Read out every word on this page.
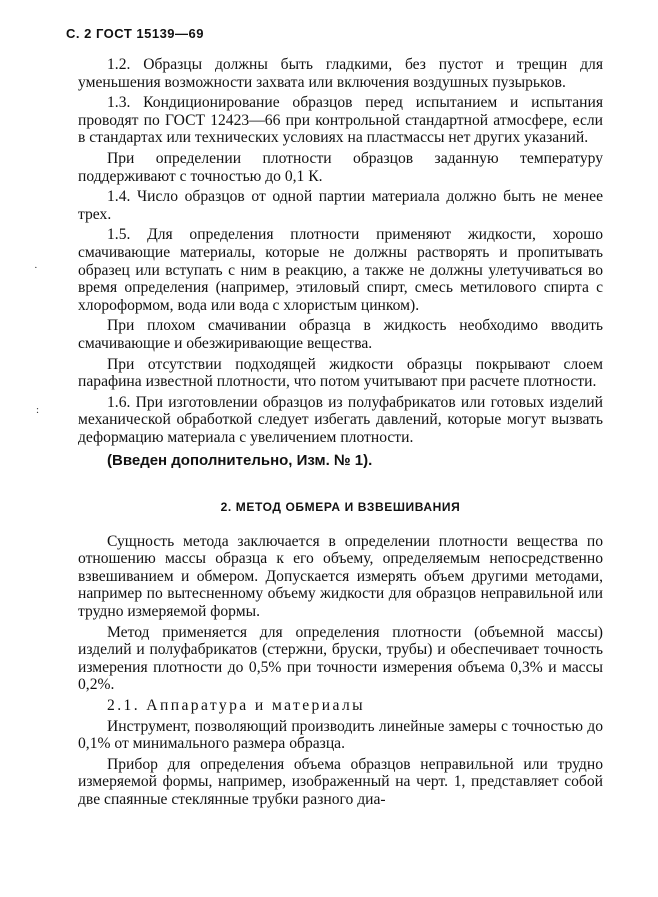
С. 2 ГОСТ 15139—69
·
:

1.2. Образцы должны быть гладкими, без пустот и трещин для уменьшения возможности захвата или включения воздушных пузырьков.

1.3. Кондиционирование образцов перед испытанием и испытания проводят по ГОСТ 12423—66 при контрольной стандартной атмосфере, если в стандартах или технических условиях на пластмассы нет других указаний.

При определении плотности образцов заданную температуру поддерживают с точностью до 0,1 К.

1.4. Число образцов от одной партии материала должно быть не менее трех.

1.5. Для определения плотности применяют жидкости, хорошо смачивающие материалы, которые не должны растворять и пропитывать образец или вступать с ним в реакцию, а также не должны улетучиваться во время определения (например, этиловый спирт, смесь метилового спирта с хлороформом, вода или вода с хлористым цинком).

При плохом смачивании образца в жидкость необходимо вводить смачивающие и обезжиривающие вещества.

При отсутствии подходящей жидкости образцы покрывают слоем парафина известной плотности, что потом учитывают при расчете плотности.

1.6. При изготовлении образцов из полуфабрикатов или готовых изделий механической обработкой следует избегать давлений, которые могут вызвать деформацию материала с увеличением плотности.

(Введен дополнительно, Изм. № 1).

2. МЕТОД ОБМЕРА И ВЗВЕШИВАНИЯ

Сущность метода заключается в определении плотности вещества по отношению массы образца к его объему, определяемым непосредственно взвешиванием и обмером. Допускается измерять объем другими методами, например по вытесненному объему жидкости для образцов неправильной или трудно измеряемой формы.

Метод применяется для определения плотности (объемной массы) изделий и полуфабрикатов (стержни, бруски, трубы) и обеспечивает точность измерения плотности до 0,5% при точности измерения объема 0,3% и массы 0,2%.

2.1. Аппаратура и материалы

Инструмент, позволяющий производить линейные замеры с точностью до 0,1% от минимального размера образца.

Прибор для определения объема образцов неправильной или трудно измеряемой формы, например, изображенный на черт. 1, представляет собой две спаянные стеклянные трубки разного диа-
